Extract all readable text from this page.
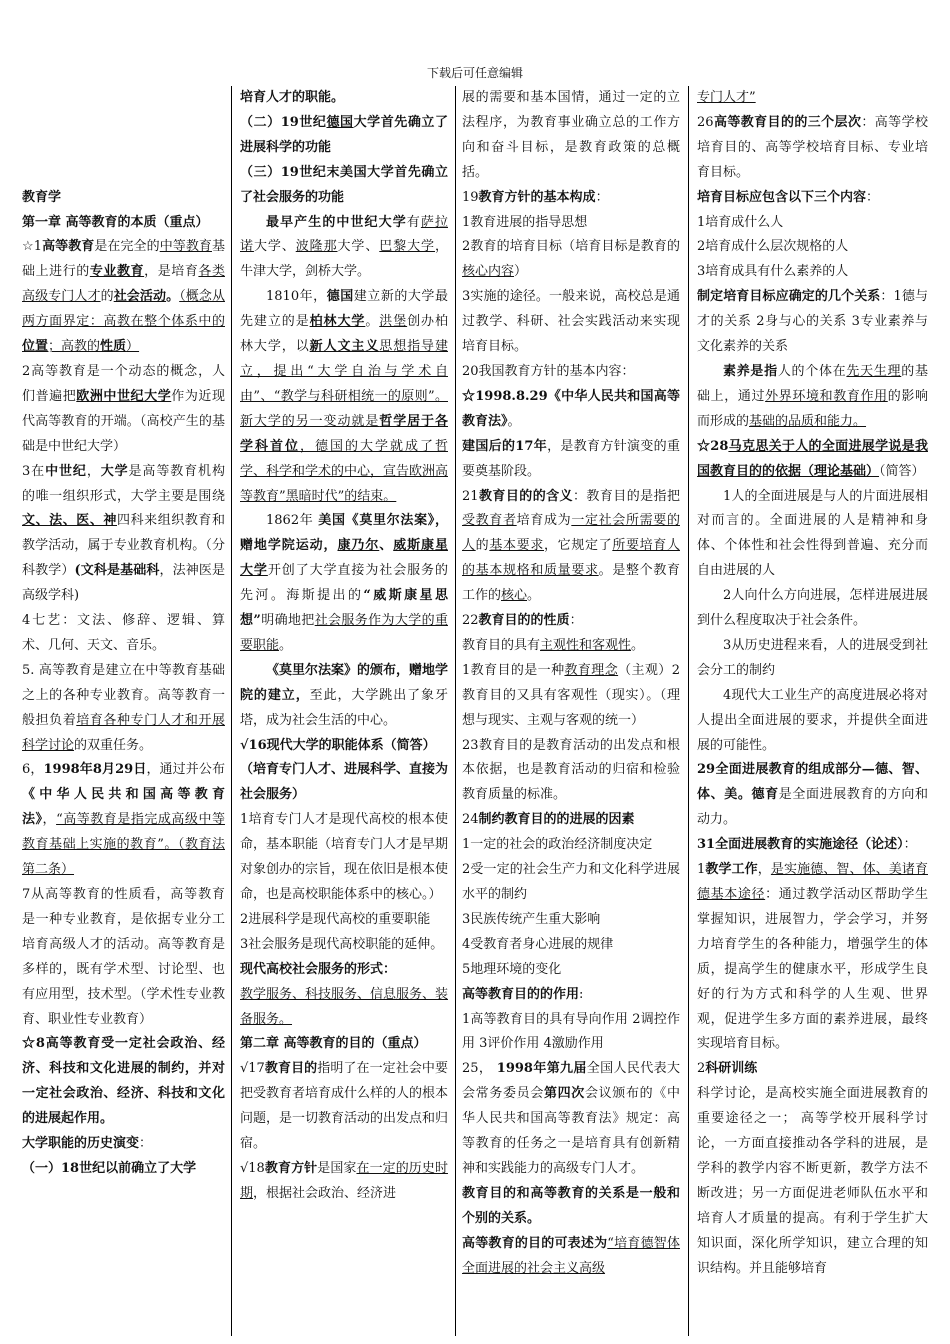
下载后可任意编辑

教育学
第一章 高等教育的本质（重点）
☆1高等教育是在完全的中等教育基础上进行的专业教育，是培育各类高级专门人才的社会活动。（概念从两方面界定：高教在整个体系中的位置；高教的性质）
2高等教育是一个动态的概念，人们普遍把欧洲中世纪大学作为近现代高等教育的开端。（高校产生的基础是中世纪大学）
3在中世纪，大学是高等教育机构的唯一组织形式，大学主要是围绕文、法、医、神四科来组织教育和教学活动，属于专业教育机构。（分科教学）(文科是基础科，法神医是高级学科)
4七艺：文法、修辞、逻辑、算术、几何、天文、音乐。
5. 高等教育是建立在中等教育基础之上的各种专业教育。高等教育一般担负着培育各种专门人才和开展科学讨论的双重任务。
6，1998年8月29日，通过并公布《中华人民共和国高等教育法》，“高等教育是指完成高级中等教育基础上实施的教育”。（教育法第二条）
7从高等教育的性质看，高等教育是一种专业教育，是依据专业分工培育高级人才的活动。高等教育是多样的，既有学术型、讨论型、也有应用型，技术型。（学术性专业教育、职业性专业教育）
☆8高等教育受一定社会政治、经济、科技和文化进展的制约，并对一定社会政治、经济、科技和文化的进展起作用。
大学职能的历史演变：
（一）18世纪以前确立了大学
培育人才的职能。
（二）19世纪德国大学首先确立了进展科学的功能
（三）19世纪末美国大学首先确立了社会服务的功能
最早产生的中世纪大学有萨拉诺大学、波隆那大学、巴黎大学，牛津大学，剑桥大学。
1810年，德国建立新的大学最先建立的是柏林大学。洪堡创办柏林大学，以新人文主义思想指导建立，提出“大学自治与学术自由”、“教学与科研相统一的原则”。新大学的另一变动就是哲学居于各学科首位，德国的大学就成了哲学、科学和学术的中心，宣告欧洲高等教育”黑暗时代”的结束。
1862年 美国《莫里尔法案》，赠地学院运动，康乃尔、威斯康星大学开创了大学直接为社会服务的先河。海斯提出的“威斯康星思想”明确地把社会服务作为大学的重要职能。
《莫里尔法案》的颁布，赠地学院的建立，至此，大学跳出了象牙塔，成为社会生活的中心。
√16现代大学的职能体系（简答）
（培育专门人才、进展科学、直接为社会服务）
1培育专门人才是现代高校的根本使命，基本职能（培育专门人才是早期对象创办的宗旨，现在依旧是根本使命，也是高校职能体系中的核心。）
2进展科学是现代高校的重要职能
3社会服务是现代高校职能的延伸。
现代高校社会服务的形式：
教学服务、科技服务、信息服务、装备服务。
第二章 高等教育的目的（重点）
√17教育目的指明了在一定社会中要把受教育者培育成什么样的人的根本问题，是一切教育活动的出发点和归宿。
√18教育方针是国家在一定的历史时期，根据社会政治、经济进
展的需要和基本国情，通过一定的立法程序，为教育事业确立总的工作方向和奋斗目标，是教育政策的总概括。
19教育方针的基本构成：
1教育进展的指导思想
2教育的培育目标（培育目标是教育的核心内容）
3实施的途径。一般来说，高校总是通过教学、科研、社会实践活动来实现培育目标。
20我国教育方针的基本内容：
☆1998.8.29《中华人民共和国高等教育法》。
建国后的17年，是教育方针演变的重要奠基阶段。
21教育目的的含义：教育目的是指把受教育者培育成为一定社会所需要的人的基本要求，它规定了所要培育人的基本规格和质量要求。是整个教育工作的核心。
22教育目的的性质：
教育目的具有主观性和客观性。
1教育目的是一种教育理念（主观）2教育目的又具有客观性（现实）。（理想与现实、主观与客观的统一）
23教育目的是教育活动的出发点和根本依据，也是教育活动的归宿和检验教育质量的标准。
24制约教育目的的进展的因素
1一定的社会的政治经济制度决定
2受一定的社会生产力和文化科学进展水平的制约
3民族传统产生重大影响
4受教育者身心进展的规律
5地理环境的变化
高等教育目的的作用:
1高等教育目的具有导向作用 2调控作用 3评价作用 4激励作用
25， 1998年第九届全国人民代表大会常务委员会第四次会议颁布的《中华人民共和国高等教育法》规定：高等教育的任务之一是培育具有创新精神和实践能力的高级专门人才。
教育目的和高等教育的关系是一般和个别的关系。
高等教育的目的可表述为“培育德智体全面进展的社会主义高级
专门人才”
26高等教育目的的三个层次：高等学校培育目的、高等学校培育目标、专业培育目标。
培育目标应包含以下三个内容：
1培育成什么人
2培育成什么层次规格的人
3培育成具有什么素养的人
制定培育目标应确定的几个关系：1德与才的关系 2身与心的关系 3专业素养与文化素养的关系
素养是指人的个体在先天生理的基础上，通过外界环境和教育作用的影响而形成的基础的品质和能力。
☆28马克思关于人的全面进展学说是我国教育目的的依据（理论基础）（简答）
1人的全面进展是与人的片面进展相对而言的。全面进展的人是精神和身体、个体性和社会性得到普遍、充分而自由进展的人
2人向什么方向进展，怎样进展进展到什么程度取决于社会条件。
3从历史进程来看，人的进展受到社会分工的制约
4现代大工业生产的高度进展必将对人提出全面进展的要求，并提供全面进展的可能性。
29全面进展教育的组成部分—德、智、体、美。德育是全面进展教育的方向和动力。
31全面进展教育的实施途径（论述）：
1教学工作，是实施德、智、体、美诸育德基本途径：通过教学活动区帮助学生掌握知识，进展智力，学会学习，并努力培育学生的各种能力，增强学生的体质，提高学生的健康水平，形成学生良好的行为方式和科学的人生观、世界观，促进学生多方面的素养进展，最终实现培育目标。
2科研训练
科学讨论，是高校实施全面进展教育的重要途径之一； 高等学校开展科学讨论，一方面直接推动各学科的进展，是学科的教学内容不断更新，教学方法不断改进；另一方面促进老师队伍水平和培育人才质量的提高。有利于学生扩大知识面，深化所学知识，建立合理的知识结构。并且能够培育
